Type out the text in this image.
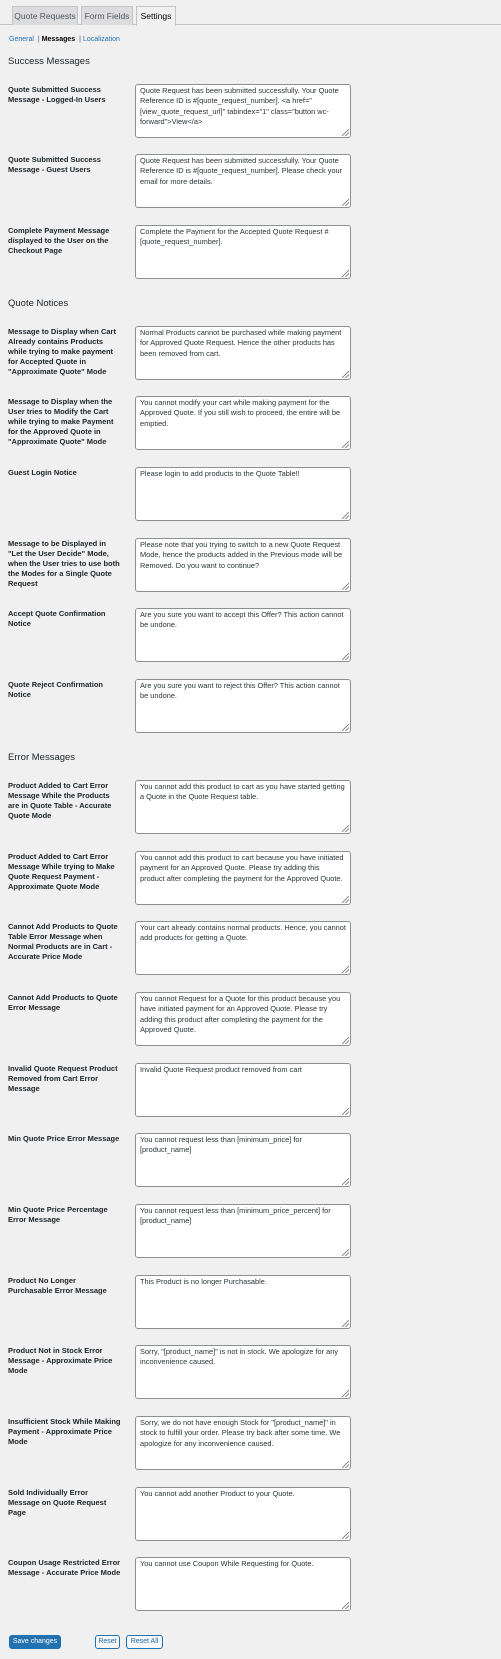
Quote Requests	Form Fields	Settings
General | Messages | Localization
Success Messages
Quote Notices
Error Messages
Quote Submitted Success Message - Logged-In Users
Quote Request has been submitted successfully. Your Quote Reference ID is #[quote_request_number]. <a href="[view_quote_request_url]" tabindex="1" class="button wc-forward">View</a>
Quote Submitted Success Message - Guest Users
Quote Request has been submitted successfully. Your Quote Reference ID is #[quote_request_number]. Please check your email for more details.
Complete Payment Message displayed to the User on the Checkout Page
Complete the Payment for the Accepted Quote Request #[quote_request_number].
Message to Display when Cart Already contains Products while trying to make payment for Accepted Quote in "Approximate Quote" Mode
Normal Products cannot be purchased while making payment for Approved Quote Request. Hence the other products has been removed from cart.
Message to Display when the User tries to Modify the Cart while trying to make Payment for the Approved Quote in "Approximate Quote" Mode
You cannot modify your cart while making payment for the Approved Quote. If you still wish to proceed, the entire will be emptied.
Guest Login Notice
Please login to add products to the Quote Table!!
Message to be Displayed in "Let the User Decide" Mode, when the User tries to use both the Modes for a Single Quote Request
Please note that you trying to switch to a new Quote Request Mode, hence the products added in the Previous mode will be Removed. Do you want to continue?
Accept Quote Confirmation Notice
Are you sure you want to accept this Offer? This action cannot be undone.
Quote Reject Confirmation Notice
Are you sure you want to reject this Offer? This action cannot be undone.
Product Added to Cart Error Message While the Products are in Quote Table - Accurate Quote Mode
You cannot add this product to cart as you have started getting a Quote in the Quote Request table.
Product Added to Cart Error Message While trying to Make Quote Request Payment - Approximate Quote Mode
You cannot add this product to cart because you have initiated payment for an Approved Quote. Please try adding this product after completing the payment for the Approved Quote.
Cannot Add Products to Quote Table Error Message when Normal Products are in Cart - Accurate Price Mode
Your cart already contains normal products. Hence, you cannot add products for getting a Quote.
Cannot Add Products to Quote Error Message
You cannot Request for a Quote for this product because you have initiated payment for an Approved Quote. Please try adding this product after completing the payment for the Approved Quote.
Invalid Quote Request Product Removed from Cart Error Message
Invalid Quote Request product removed from cart
Min Quote Price Error Message
You cannot request less than [minimum_price] for [product_name]
Min Quote Price Percentage Error Message
You cannot request less than [minimum_price_percent] for [product_name]
Product No Longer Purchasable Error Message
This Product is no longer Purchasable.
Product Not in Stock Error Message - Approximate Price Mode
Sorry, "[product_name]" is not in stock. We apologize for any inconvenience caused.
Insufficient Stock While Making Payment - Approximate Price Mode
Sorry, we do not have enough Stock for "[product_name]" in stock to fulfill your order. Please try back after some time. We apologize for any inconvenience caused.
Sold Individually Error Message on Quote Request Page
You cannot add another Product to your Quote.
Coupon Usage Restricted Error Message - Accurate Price Mode
You cannot use Coupon While Requesting for Quote.
Save changes	Reset	Reset All
